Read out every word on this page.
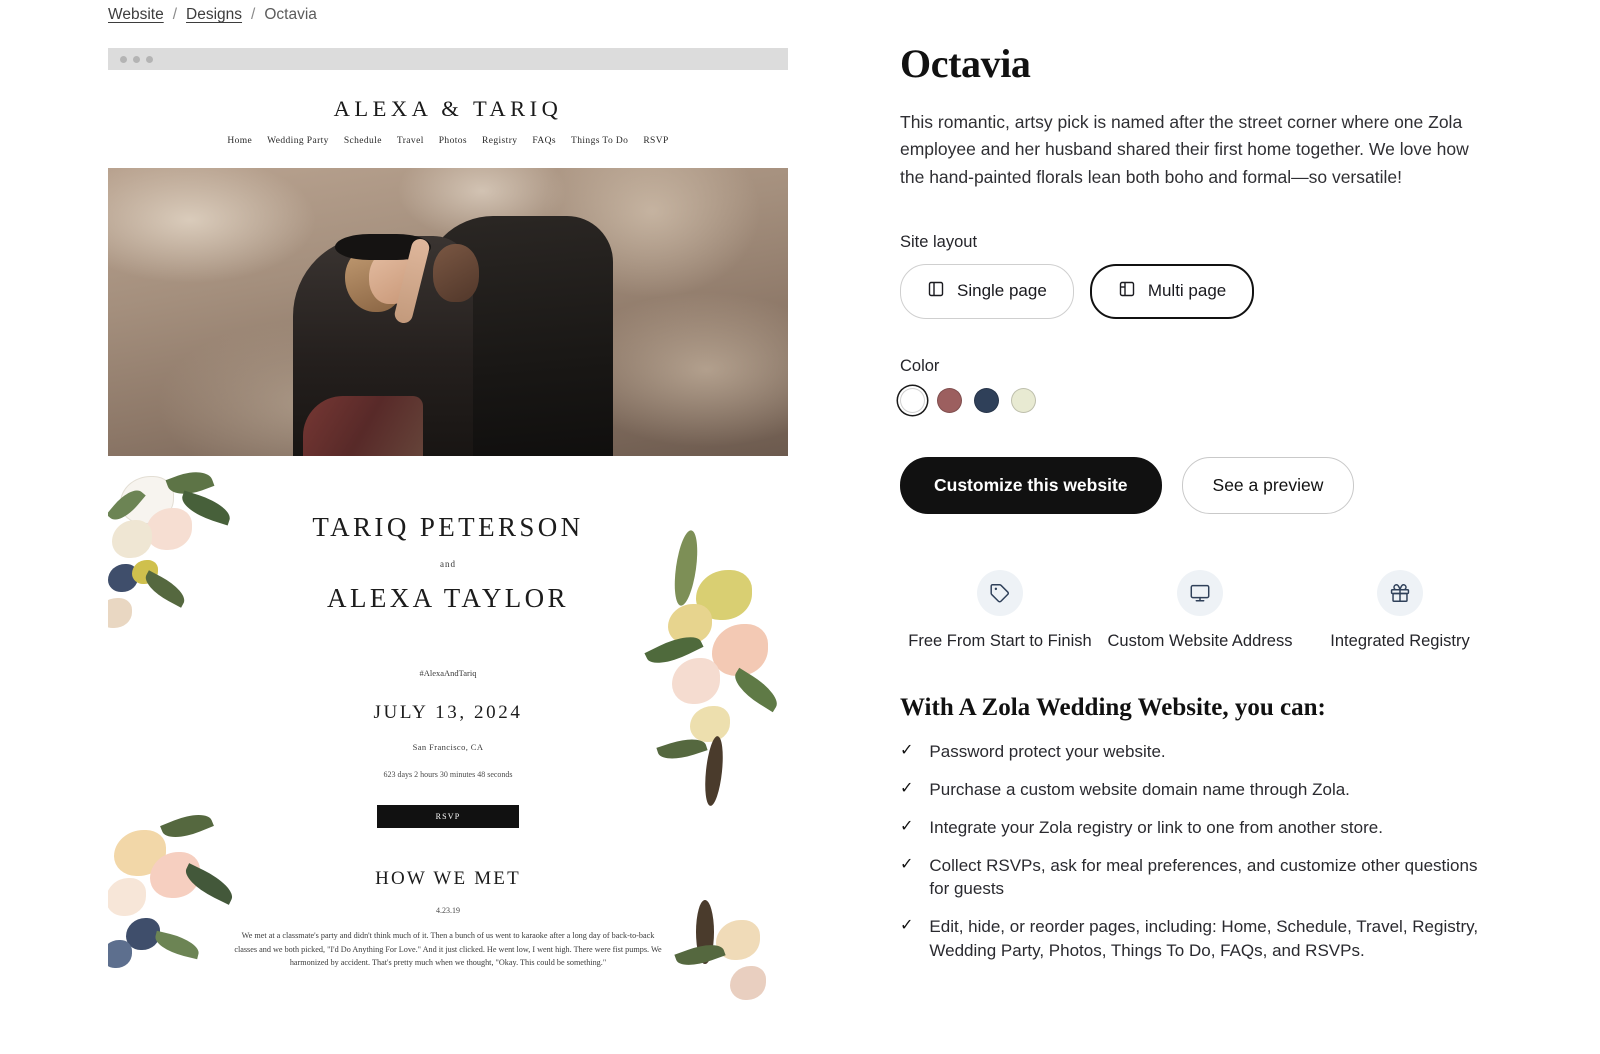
Website / Designs / Octavia
ALEXA & TARIQ
Home Wedding Party Schedule Travel Photos Registry FAQs Things To Do RSVP
TARIQ PETERSON
and
ALEXA TAYLOR
#AlexaAndTariq
JULY 13, 2024
San Francisco, CA
623 days 2 hours 30 minutes 48 seconds
RSVP
HOW WE MET
4.23.19
We met at a classmate's party and didn't think much of it. Then a bunch of us went to karaoke after a long day of back-to-back classes and we both picked, "I'd Do Anything For Love." And it just clicked. He went low, I went high. There were fist pumps. We harmonized by accident. That's pretty much when we thought, "Okay. This could be something."
Octavia

This romantic, artsy pick is named after the street corner where one Zola employee and her husband shared their first home together. We love how the hand-painted florals lean both boho and formal—so versatile!

Site layout
Single page	Multi page
Color
Customize this website	See a preview
Free From Start to Finish Custom Website Address	Integrated Registry
With A Zola Wedding Website, you can:
✓ Password protect your website.
✓ Purchase a custom website domain name through Zola.
✓ Integrate your Zola registry or link to one from another store.
✓ Collect RSVPs, ask for meal preferences, and customize other questions for guests
✓ Edit, hide, or reorder pages, including: Home, Schedule, Travel, Registry, Wedding Party, Photos, Things To Do, FAQs, and RSVPs.
